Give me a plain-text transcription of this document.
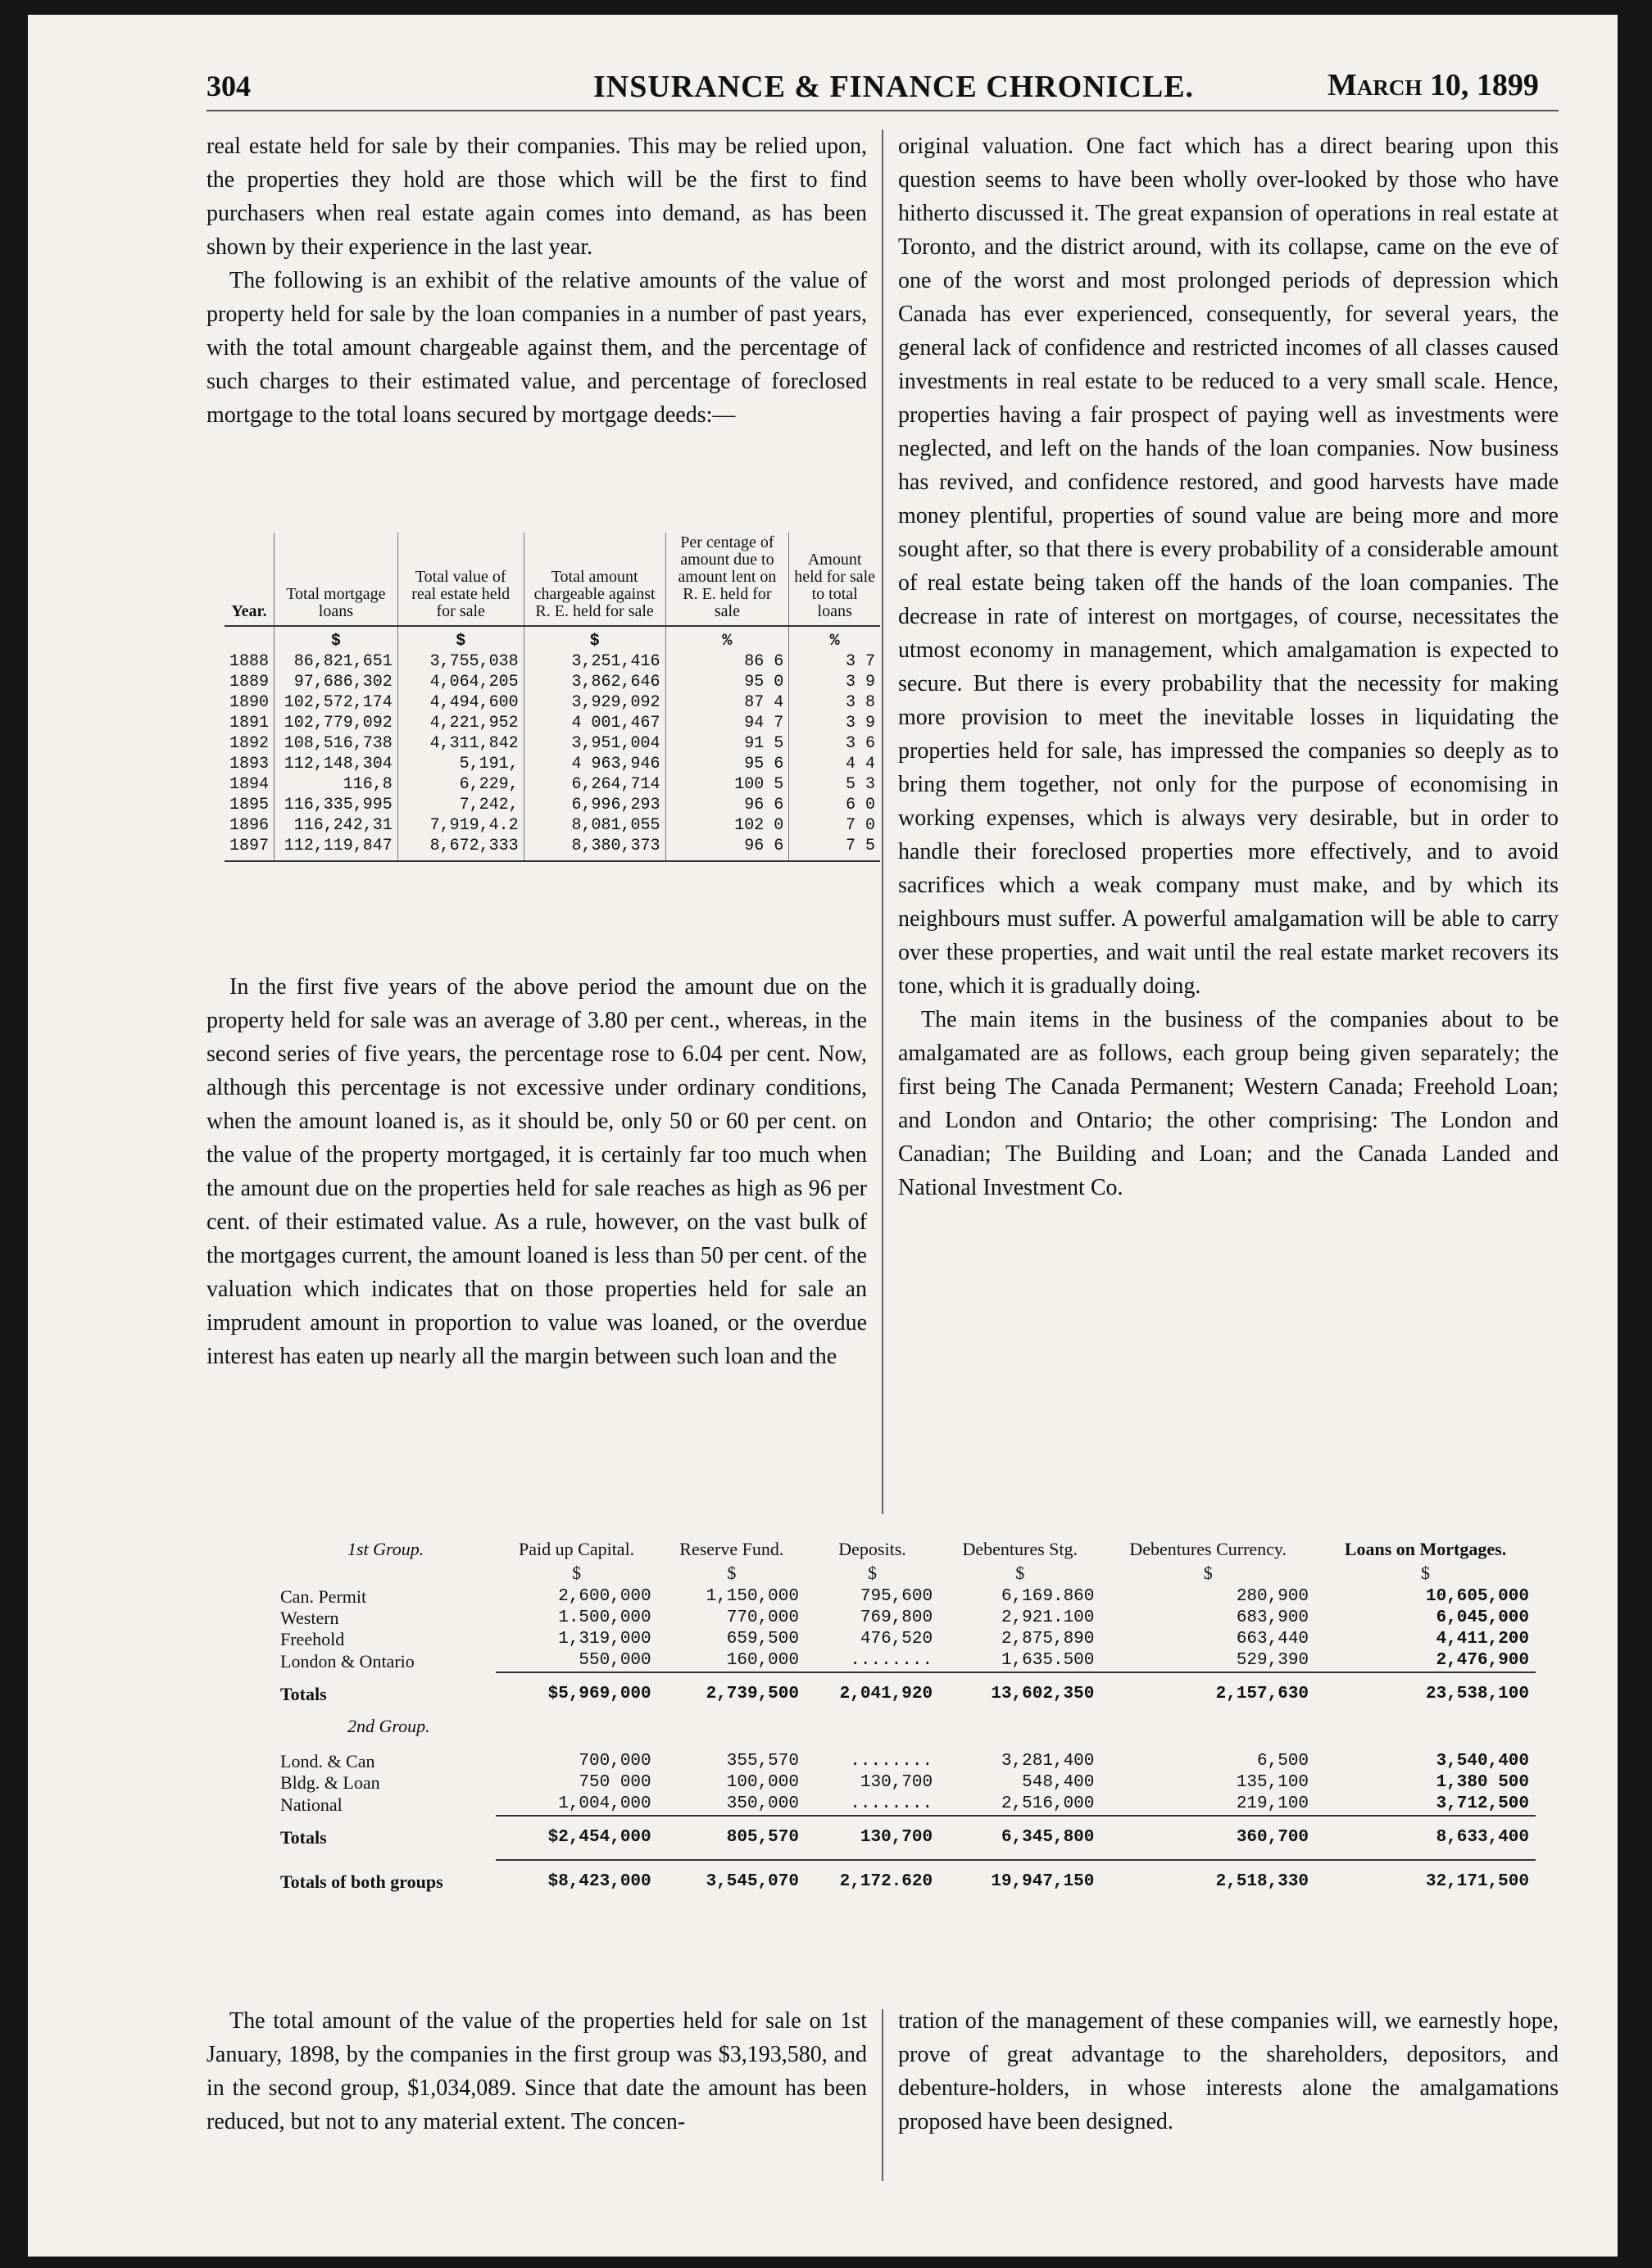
304	INSURANCE & FINANCE CHRONICLE.	March 10, 1899

real estate held for sale by their companies. This may be relied upon, the properties they hold are those which will be the first to find purchasers when real estate again comes into demand, as has been shown by their experience in the last year.

The following is an exhibit of the relative amounts of the value of property held for sale by the loan companies in a number of past years, with the total amount chargeable against them, and the percentage of such charges to their estimated value, and percentage of foreclosed mortgage to the total loans secured by mortgage deeds:—

Year.	Total mortgage loans	Total value of real estate held for sale	Total amount chargeable against R. E. held for sale	Per centage of amount due to amount lent on R. E. held for sale	Amount held for sale to total loans
	$	$	$	%	%
1888	86,821,651	3,755,038	3,251,416	86 6	3 7
1889	97,686,302	4,064,205	3,862,646	95 0	3 9
1890	102,572,174	4,494,600	3,929,092	87 4	3 8
1891	102,779,092	4,221,952	4 001,467	94 7	3 9
1892	108,516,738	4,311,842	3,951,004	91 5	3 6
1893	112,148,304	5,191,	4 963,946	95 6	4 4
1894	116,8	6,229,	6,264,714	100 5	5 3
1895	116,335,995	7,242,	6,996,293	96 6	6 0
1896	116,242,31	7,919,4.2	8,081,055	102 0	7 0
1897	112,119,847	8,672,333	8,380,373	96 6	7 5

In the first five years of the above period the amount due on the property held for sale was an average of 3.80 per cent., whereas, in the second series of five years, the percentage rose to 6.04 per cent. Now, although this percentage is not excessive under ordinary conditions, when the amount loaned is, as it should be, only 50 or 60 per cent. on the value of the property mortgaged, it is certainly far too much when the amount due on the properties held for sale reaches as high as 96 per cent. of their estimated value. As a rule, however, on the vast bulk of the mortgages current, the amount loaned is less than 50 per cent. of the valuation which indicates that on those properties held for sale an imprudent amount in proportion to value was loaned, or the overdue interest has eaten up nearly all the margin between such loan and the

original valuation. One fact which has a direct bearing upon this question seems to have been wholly over-looked by those who have hitherto discussed it. The great expansion of operations in real estate at Toronto, and the district around, with its collapse, came on the eve of one of the worst and most prolonged periods of depression which Canada has ever experienced, consequently, for several years, the general lack of confidence and restricted incomes of all classes caused investments in real estate to be reduced to a very small scale. Hence, properties having a fair prospect of paying well as investments were neglected, and left on the hands of the loan companies. Now business has revived, and confidence restored, and good harvests have made money plentiful, properties of sound value are being more and more sought after, so that there is every probability of a considerable amount of real estate being taken off the hands of the loan companies. The decrease in rate of interest on mortgages, of course, necessitates the utmost economy in management, which amalgamation is expected to secure. But there is every probability that the necessity for making more provision to meet the inevitable losses in liquidating the properties held for sale, has impressed the companies so deeply as to bring them together, not only for the purpose of economising in working expenses, which is always very desirable, but in order to handle their foreclosed properties more effectively, and to avoid sacrifices which a weak company must make, and by which its neighbours must suffer. A powerful amalgamation will be able to carry over these properties, and wait until the real estate market recovers its tone, which it is gradually doing.

The main items in the business of the companies about to be amalgamated are as follows, each group being given separately; the first being The Canada Permanent; Western Canada; Freehold Loan; and London and Ontario; the other comprising: The London and Canadian; The Building and Loan; and the Canada Landed and National Investment Co.

1st Group.	Paid up Capital.	Reserve Fund.	Deposits.	Debentures Stg.	Debentures Currency.	Loans on Mortgages.
	$	$	$	$	$	$
Can. Permit	2,600,000	1,150,000	795,600	6,169.860	280,900	10,605,000
Western	1.500,000	770,000	769,800	2,921.100	683,900	6,045,000
Freehold	1,319,000	659,500	476,520	2,875,890	663,440	4,411,200
London & Ontario	550,000	160,000	........	1,635.500	529,390	2,476,900
Totals	$5,969,000	2,739,500	2,041,920	13,602,350	2,157,630	23,538,100
2nd Group.						
Lond. & Can	700,000	355,570	........	3,281,400	6,500	3,540,400
Bldg. & Loan	750 000	100,000	130,700	548,400	135,100	1,380 500
National	1,004,000	350,000	........	2,516,000	219,100	3,712,500
Totals	$2,454,000	805,570	130,700	6,345,800	360,700	8,633,400
Totals of both groups	$8,423,000	3,545,070	2,172.620	19,947,150	2,518,330	32,171,500

The total amount of the value of the properties held for sale on 1st January, 1898, by the companies in the first group was $3,193,580, and in the second group, $1,034,089. Since that date the amount has been reduced, but not to any material extent. The concen-

tration of the management of these companies will, we earnestly hope, prove of great advantage to the shareholders, depositors, and debenture-holders, in whose interests alone the amalgamations proposed have been designed.
